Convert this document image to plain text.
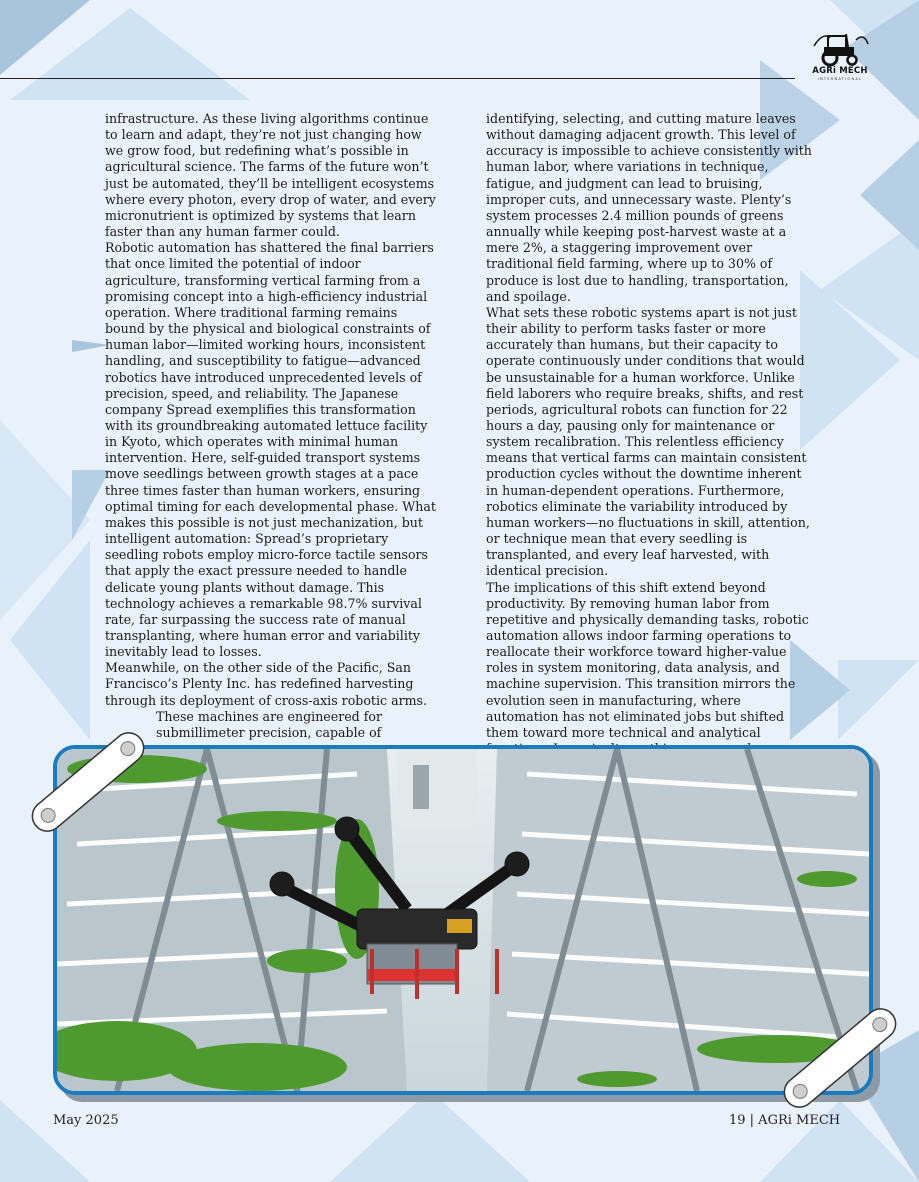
AGRi MECH
INTERNATIONAL

infrastructure. As these living algorithms continue to learn and adapt, they’re not just changing how we grow food, but redefining what’s possible in agricultural science. The farms of the future won’t just be automated, they’ll be intelligent ecosystems where every photon, every drop of water, and every micronutrient is optimized by systems that learn faster than any human farmer could.

Robotic automation has shattered the final barriers that once limited the potential of indoor agriculture, transforming vertical farming from a promising concept into a high-efficiency industrial operation. Where traditional farming remains bound by the physical and biological constraints of human labor—limited working hours, inconsistent handling, and susceptibility to fatigue—advanced robotics have introduced unprecedented levels of precision, speed, and reliability. The Japanese company Spread exemplifies this transformation with its groundbreaking automated lettuce facility in Kyoto, which operates with minimal human intervention. Here, self-guided transport systems move seedlings between growth stages at a pace three times faster than human workers, ensuring optimal timing for each developmental phase. What makes this possible is not just mechanization, but intelligent automation: Spread’s proprietary seedling robots employ micro-force tactile sensors that apply the exact pressure needed to handle delicate young plants without damage. This technology achieves a remarkable 98.7% survival rate, far surpassing the success rate of manual transplanting, where human error and variability inevitably lead to losses.

Meanwhile, on the other side of the Pacific, San Francisco’s Plenty Inc. has redefined harvesting through its deployment of cross-axis robotic arms.

These machines are engineered for submillimeter precision, capable of

identifying, selecting, and cutting mature leaves without damaging adjacent growth. This level of accuracy is impossible to achieve consistently with human labor, where variations in technique, fatigue, and judgment can lead to bruising, improper cuts, and unnecessary waste. Plenty’s system processes 2.4 million pounds of greens annually while keeping post-harvest waste at a mere 2%, a staggering improvement over traditional field farming, where up to 30% of produce is lost due to handling, transportation, and spoilage.

What sets these robotic systems apart is not just their ability to perform tasks faster or more accurately than humans, but their capacity to operate continuously under conditions that would be unsustainable for a human workforce. Unlike field laborers who require breaks, shifts, and rest periods, agricultural robots can function for 22 hours a day, pausing only for maintenance or system recalibration. This relentless efficiency means that vertical farms can maintain consistent production cycles without the downtime inherent in human-dependent operations. Furthermore, robotics eliminate the variability introduced by human workers—no fluctuations in skill, attention, or technique mean that every seedling is transplanted, and every leaf harvested, with identical precision.

The implications of this shift extend beyond productivity. By removing human labor from repetitive and physically demanding tasks, robotic automation allows indoor farming operations to reallocate their workforce toward higher-value roles in system monitoring, data analysis, and machine supervision. This transition mirrors the evolution seen in manufacturing, where automation has not eliminated jobs but shifted them toward more technical and analytical

May 2025	19 | AGRi MECH
